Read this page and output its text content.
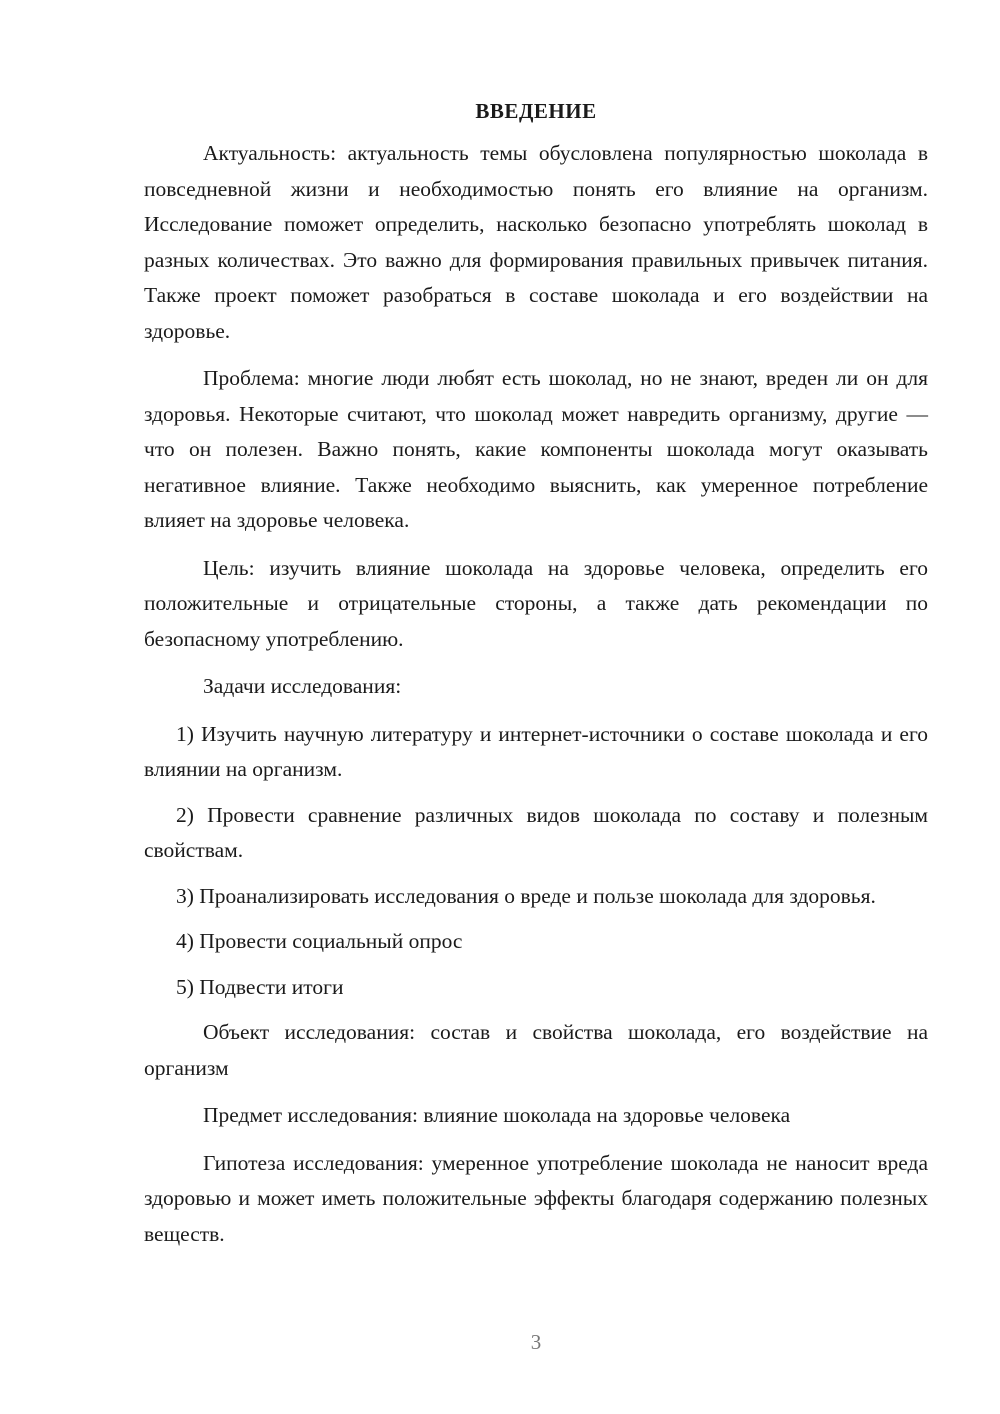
ВВЕДЕНИЕ

Актуальность: актуальность темы обусловлена популярностью шоколада в повседневной жизни и необходимостью понять его влияние на организм. Исследование поможет определить, насколько безопасно употреблять шоколад в разных количествах. Это важно для формирования правильных привычек питания. Также проект поможет разобраться в составе шоколада и его воздействии на здоровье.

Проблема: многие люди любят есть шоколад, но не знают, вреден ли он для здоровья. Некоторые считают, что шоколад может навредить организму, другие — что он полезен. Важно понять, какие компоненты шоколада могут оказывать негативное влияние. Также необходимо выяснить, как умеренное потребление влияет на здоровье человека.

Цель: изучить влияние шоколада на здоровье человека, определить его положительные и отрицательные стороны, а также дать рекомендации по безопасному употреблению.

Задачи исследования:

1) Изучить научную литературу и интернет-источники о составе шоколада и его влиянии на организм.

2) Провести сравнение различных видов шоколада по составу и полезным свойствам.

3) Проанализировать исследования о вреде и пользе шоколада для здоровья.

4) Провести социальный опрос

5) Подвести итоги

Объект исследования: состав и свойства шоколада, его воздействие на организм

Предмет исследования: влияние шоколада на здоровье человека

Гипотеза исследования: умеренное употребление шоколада не наносит вреда здоровью и может иметь положительные эффекты благодаря содержанию полезных веществ.

3
